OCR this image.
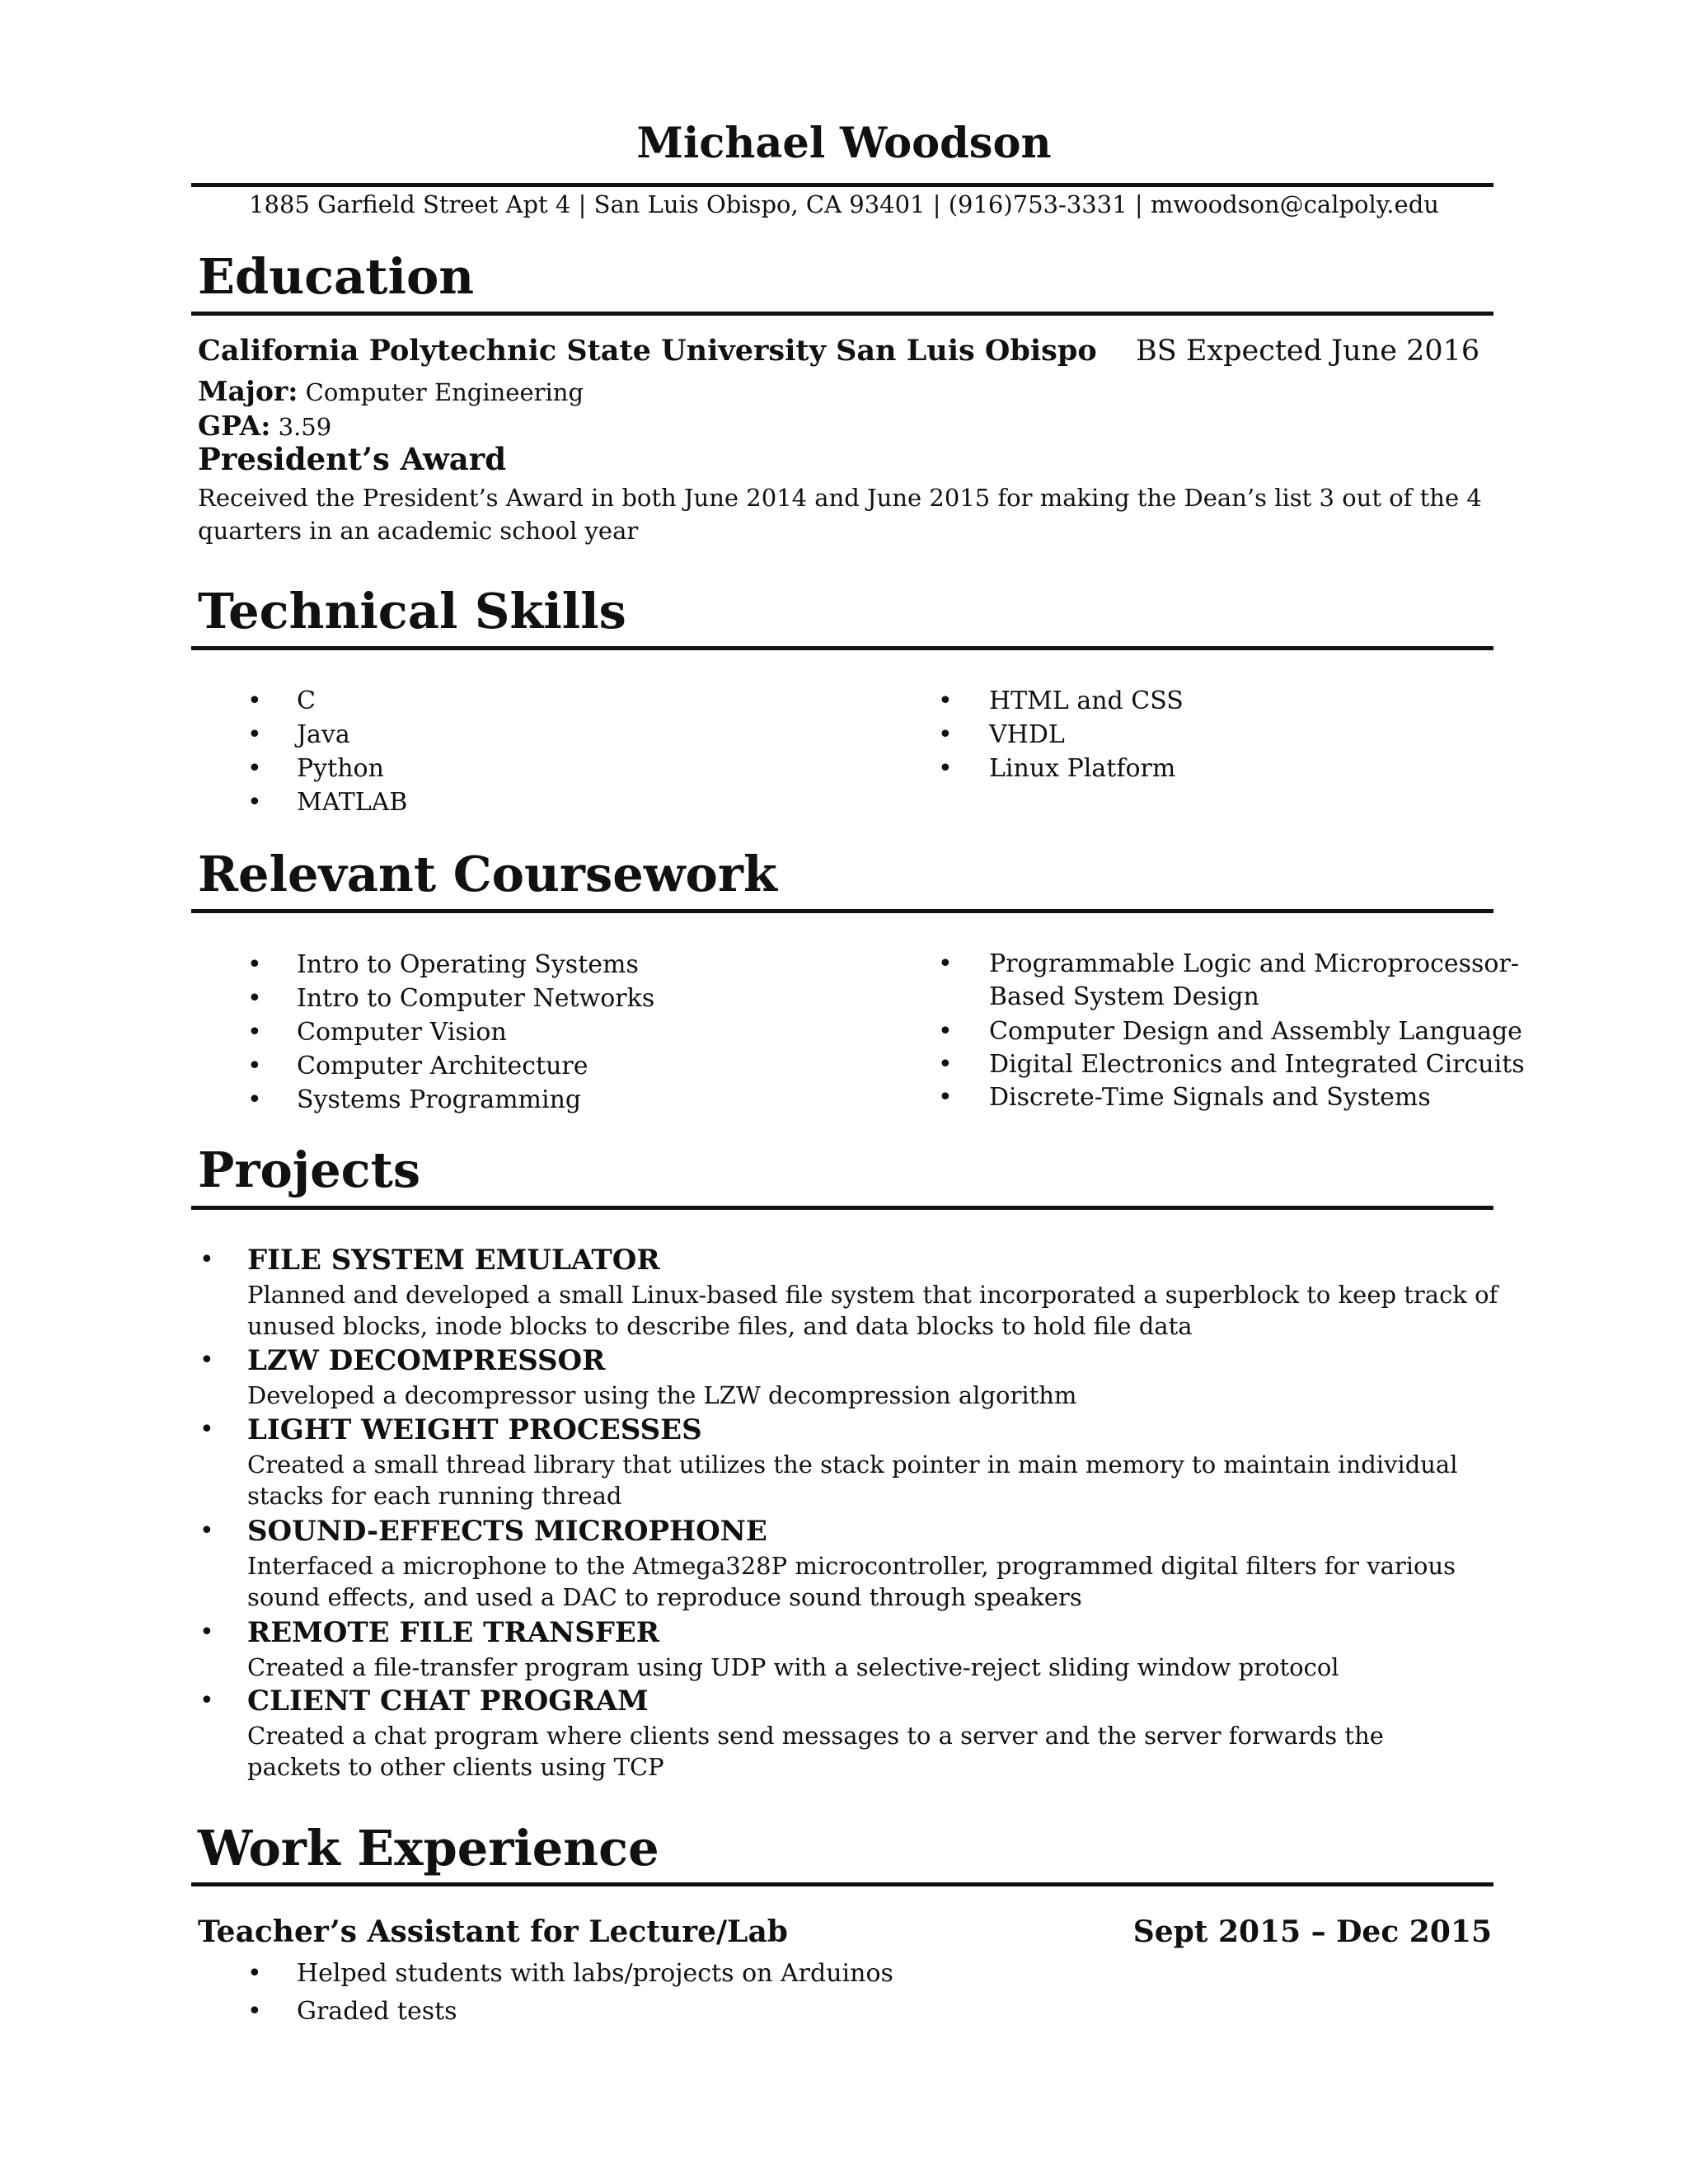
Michael Woodson
1885 Garfield Street Apt 4 | San Luis Obispo, CA 93401 | (916)753-3331 | mwoodson@calpoly.edu
Education
California Polytechnic State University San Luis Obispo BS Expected June 2016
Major: Computer Engineering
GPA: 3.59
President’s Award
Received the President’s Award in both June 2014 and June 2015 for making the Dean’s list 3 out of the 4
quarters in an academic school year
Technical Skills
• C
• Java
• Python
• MATLAB
• HTML and CSS
• VHDL
• Linux Platform
Relevant Coursework
• Intro to Operating Systems
• Intro to Computer Networks
• Computer Vision
• Computer Architecture
• Systems Programming
• Programmable Logic and Microprocessor-
Based System Design
• Computer Design and Assembly Language
• Digital Electronics and Integrated Circuits
• Discrete-Time Signals and Systems
Projects
• FILE SYSTEM EMULATOR
Planned and developed a small Linux-based file system that incorporated a superblock to keep track of
unused blocks, inode blocks to describe files, and data blocks to hold file data
• LZW DECOMPRESSOR
Developed a decompressor using the LZW decompression algorithm
• LIGHT WEIGHT PROCESSES
Created a small thread library that utilizes the stack pointer in main memory to maintain individual
stacks for each running thread
• SOUND-EFFECTS MICROPHONE
Interfaced a microphone to the Atmega328P microcontroller, programmed digital filters for various
sound effects, and used a DAC to reproduce sound through speakers
• REMOTE FILE TRANSFER
Created a file-transfer program using UDP with a selective-reject sliding window protocol
• CLIENT CHAT PROGRAM
Created a chat program where clients send messages to a server and the server forwards the
packets to other clients using TCP
Work Experience
Teacher’s Assistant for Lecture/Lab	Sept 2015 – Dec 2015
• Helped students with labs/projects on Arduinos
• Graded tests
